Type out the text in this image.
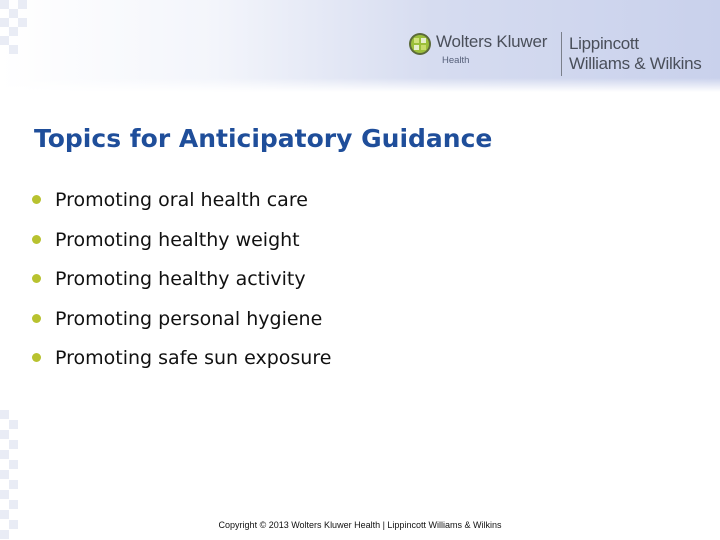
Wolters Kluwer
Health
Lippincott
Williams & Wilkins
Topics for Anticipatory Guidance
Promoting oral health care
Promoting healthy weight
Promoting healthy activity
Promoting personal hygiene
Promoting safe sun exposure
Copyright © 2013 Wolters Kluwer Health | Lippincott Williams & Wilkins
